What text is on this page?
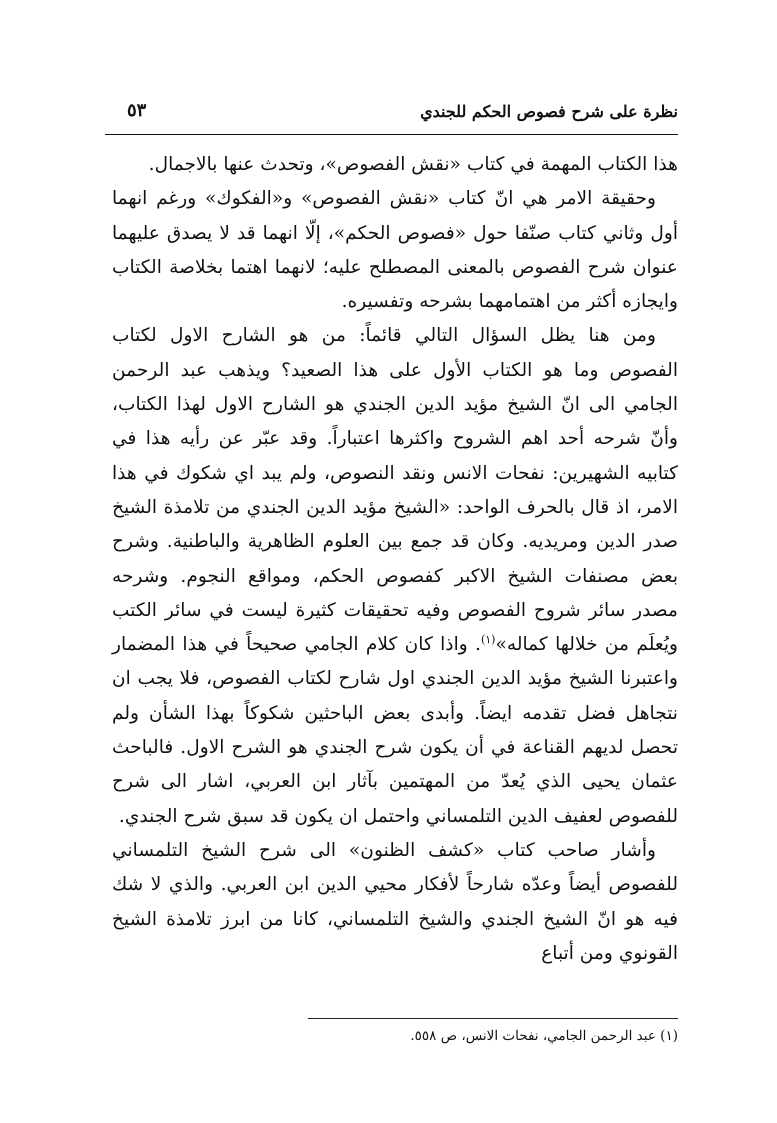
نظرة على شرح فصوص الحكم للجندي
٥٣

هذا الكتاب المهمة في كتاب «نقش الفصوص»، وتحدث عنها بالاجمال.

وحقيقة الامر هي انّ كتاب «نقش الفصوص» و«الفكوك» ورغم انهما أول وثاني كتاب صنّفا حول «فصوص الحكم»، إلّا انهما قد لا يصدق عليهما عنوان شرح الفصوص بالمعنى المصطلح عليه؛ لانهما اهتما بخلاصة الكتاب وايجازه أكثر من اهتمامهما بشرحه وتفسيره.

ومن هنا يظل السؤال التالي قائماً: من هو الشارح الاول لكتاب الفصوص وما هو الكتاب الأول على هذا الصعيد؟ ويذهب عبد الرحمن الجامي الى انّ الشيخ مؤيد الدين الجندي هو الشارح الاول لهذا الكتاب، وأنّ شرحه أحد اهم الشروح واكثرها اعتباراً. وقد عبّر عن رأيه هذا في كتابيه الشهيرين: نفحات الانس ونقد النصوص، ولم يبد اي شكوك في هذا الامر، اذ قال بالحرف الواحد: «الشيخ مؤيد الدين الجندي من تلامذة الشيخ صدر الدين ومريديه. وكان قد جمع بين العلوم الظاهرية والباطنية. وشرح بعض مصنفات الشيخ الاكبر كفصوص الحكم، ومواقع النجوم. وشرحه مصدر سائر شروح الفصوص وفيه تحقيقات كثيرة ليست في سائر الكتب ويُعلَم من خلالها كماله»$^{(١)}$. واذا كان كلام الجامي صحيحاً في هذا المضمار واعتبرنا الشيخ مؤيد الدين الجندي اول شارح لكتاب الفصوص، فلا يجب ان نتجاهل فضل تقدمه ايضاً. وأبدى بعض الباحثين شكوكاً بهذا الشأن ولم تحصل لديهم القناعة في أن يكون شرح الجندي هو الشرح الاول. فالباحث عثمان يحيى الذي يُعدّ من المهتمين بآثار ابن العربي، اشار الى شرح للفصوص لعفيف الدين التلمساني واحتمل ان يكون قد سبق شرح الجندي.

وأشار صاحب كتاب «كشف الظنون» الى شرح الشيخ التلمساني للفصوص أيضاً وعدّه شارحاً لأفكار محيي الدين ابن العربي. والذي لا شك فيه هو انّ الشيخ الجندي والشيخ التلمساني، كانا من ابرز تلامذة الشيخ القونوي ومن أتباع

(١) عبد الرحمن الجامي، نفحات الانس، ص ٥٥٨.
